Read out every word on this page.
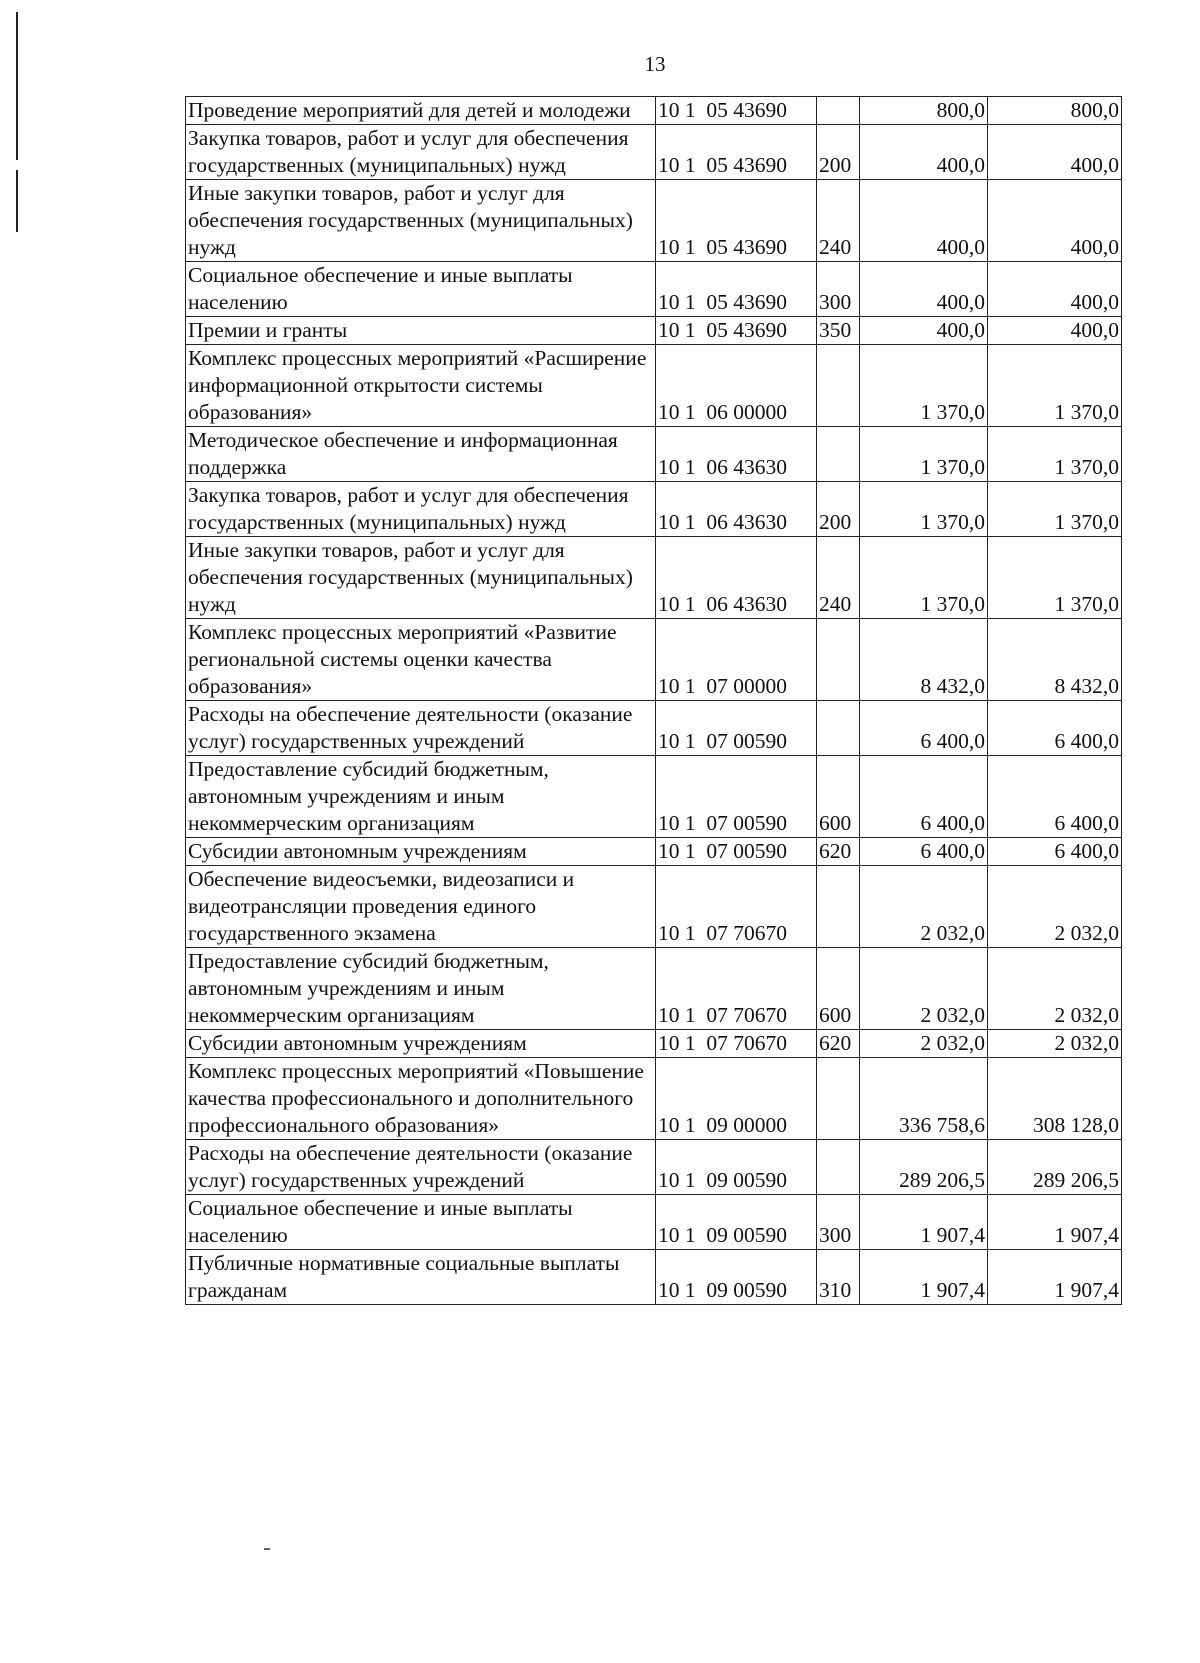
13
Проведение мероприятий для детей и молодежи	10 1  05 43690		800,0	800,0
Закупка товаров, работ и услуг для обеспечения государственных (муниципальных) нужд	10 1  05 43690	200	400,0	400,0
Иные закупки товаров, работ и услуг для обеспечения государственных (муниципальных) нужд	10 1  05 43690	240	400,0	400,0
Социальное обеспечение и иные выплаты населению	10 1  05 43690	300	400,0	400,0
Премии и гранты	10 1  05 43690	350	400,0	400,0
Комплекс процессных мероприятий «Расширение информационной открытости системы образования»	10 1  06 00000		1 370,0	1 370,0
Методическое обеспечение и информационная поддержка	10 1  06 43630		1 370,0	1 370,0
Закупка товаров, работ и услуг для обеспечения государственных (муниципальных) нужд	10 1  06 43630	200	1 370,0	1 370,0
Иные закупки товаров, работ и услуг для обеспечения государственных (муниципальных) нужд	10 1  06 43630	240	1 370,0	1 370,0
Комплекс процессных мероприятий «Развитие региональной системы оценки качества образования»	10 1  07 00000		8 432,0	8 432,0
Расходы на обеспечение деятельности (оказание услуг) государственных учреждений	10 1  07 00590		6 400,0	6 400,0
Предоставление субсидий бюджетным, автономным учреждениям и иным некоммерческим организациям	10 1  07 00590	600	6 400,0	6 400,0
Субсидии автономным учреждениям	10 1  07 00590	620	6 400,0	6 400,0
Обеспечение видеосъемки, видеозаписи и видеотрансляции проведения единого государственного экзамена	10 1  07 70670		2 032,0	2 032,0
Предоставление субсидий бюджетным, автономным учреждениям и иным некоммерческим организациям	10 1  07 70670	600	2 032,0	2 032,0
Субсидии автономным учреждениям	10 1  07 70670	620	2 032,0	2 032,0
Комплекс процессных мероприятий «Повышение качества профессионального и дополнительного профессионального образования»	10 1  09 00000		336 758,6	308 128,0
Расходы на обеспечение деятельности (оказание услуг) государственных учреждений	10 1  09 00590		289 206,5	289 206,5
Социальное обеспечение и иные выплаты населению	10 1  09 00590	300	1 907,4	1 907,4
Публичные нормативные социальные выплаты гражданам	10 1  09 00590	310	1 907,4	1 907,4
